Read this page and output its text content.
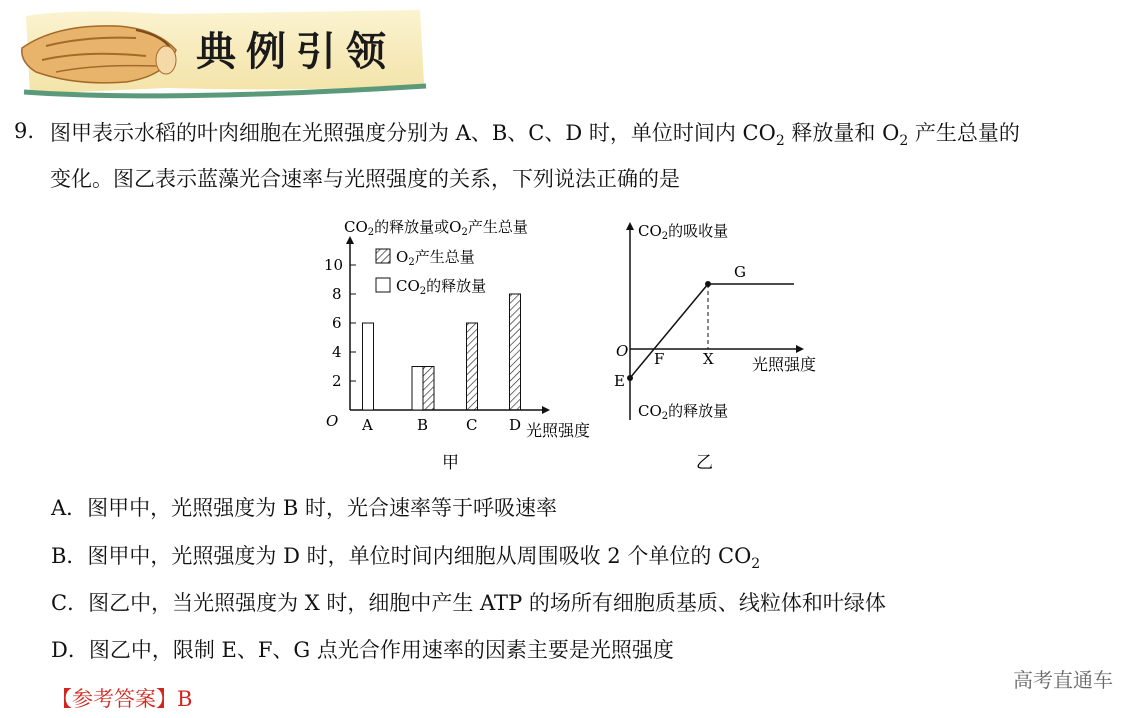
典例引领
9. 图甲表示水稻的叶肉细胞在光照强度分别为 A、B、C、D 时，单位时间内 $CO_2$ 释放量和 $O_2$ 产生总量的
变化。图乙表示蓝藻光合速率与光照强度的关系，下列说法正确的是
$CO_2$的释放量或$O_2$产生总量
O
2
4
6
8
10
A	B	C D 光照强度
$O_2$产生总量
$CO_2$的释放量
甲
$CO_2$的吸收量
$CO_2$的释放量
O
光照强度
E
F	X
G
乙
A．图甲中，光照强度为 B 时，光合速率等于呼吸速率
B．图甲中，光照强度为 D 时，单位时间内细胞从周围吸收 2 个单位的 $CO_2$
C．图乙中，当光照强度为 X 时，细胞中产生 ATP 的场所有细胞质基质、线粒体和叶绿体
D．图乙中，限制 E、F、G 点光合作用速率的因素主要是光照强度
【参考答案】B
高考直通车
